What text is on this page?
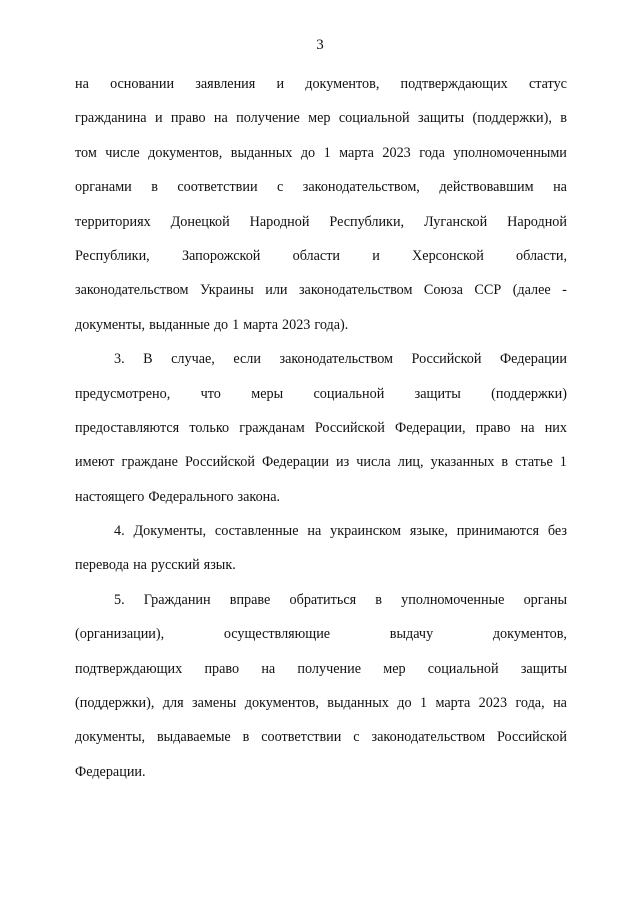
3
на основании заявления и документов, подтверждающих статус
гражданина и право на получение мер социальной защиты (поддержки), в
том числе документов, выданных до 1 марта 2023 года уполномоченными
органами в соответствии с законодательством, действовавшим на
территориях Донецкой Народной Республики, Луганской Народной
Республики, Запорожской области и Херсонской области,
законодательством Украины или законодательством Союза ССР (далее -
документы, выданные до 1 марта 2023 года).
3. В случае, если законодательством Российской Федерации
предусмотрено, что меры социальной защиты (поддержки)
предоставляются только гражданам Российской Федерации, право на них
имеют граждане Российской Федерации из числа лиц, указанных в статье 1
настоящего Федерального закона.
4. Документы, составленные на украинском языке, принимаются без
перевода на русский язык.
5. Гражданин вправе обратиться в уполномоченные органы
(организации),	осуществляющие	выдачу	документов,
подтверждающих право на получение мер социальной защиты
(поддержки), для замены документов, выданных до 1 марта 2023 года, на
документы, выдаваемые в соответствии с законодательством Российской
Федерации.
